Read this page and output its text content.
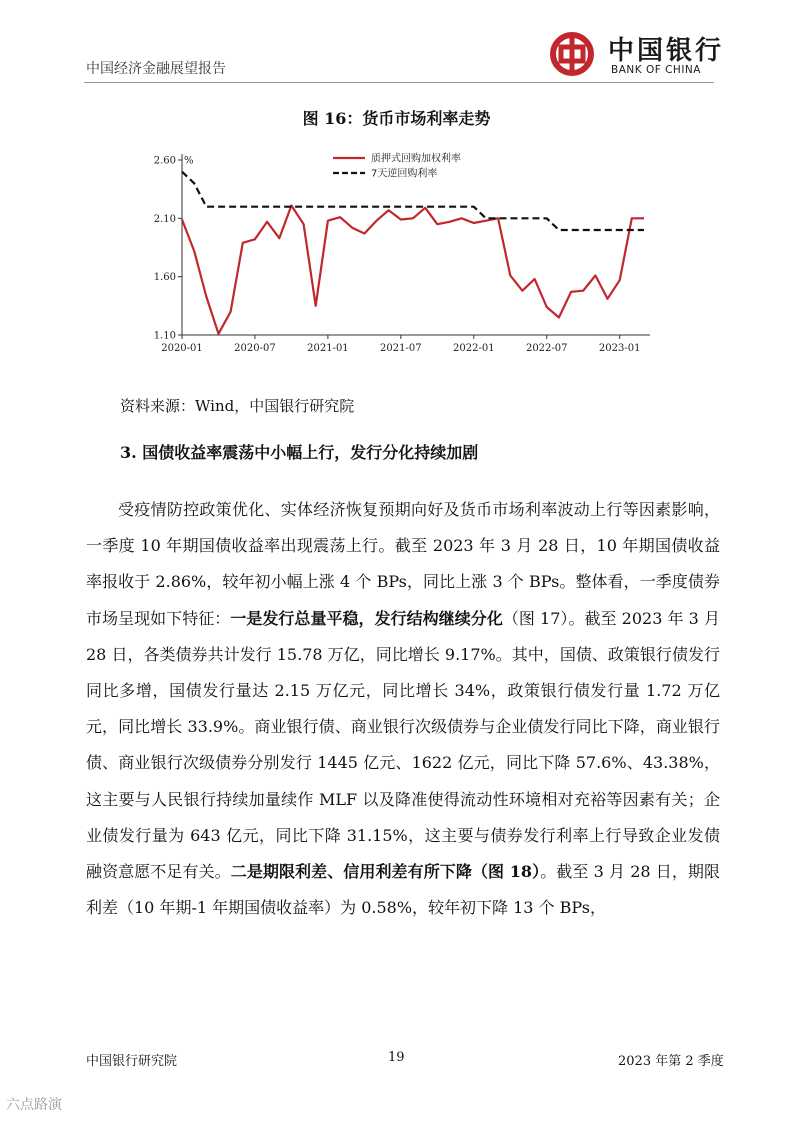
中国经济金融展望报告
中国银行
BANK OF CHINA
图 16：货币市场利率走势
1.10
1.60
2.10
2.60 %
2020-01	2020-07	2021-01	2021-07	2022-01	2022-07	2023-01
质押式回购加权利率
7天逆回购利率
资料来源：Wind，中国银行研究院
3. 国债收益率震荡中小幅上行，发行分化持续加剧

受疫情防控政策优化、实体经济恢复预期向好及货币市场利率波动上行等因素影响，一季度 10 年期国债收益率出现震荡上行。截至 2023 年 3 月 28 日，10 年期国债收益率报收于 2.86%，较年初小幅上涨 4 个 BPs，同比上涨 3 个 BPs。整体看，一季度债券市场呈现如下特征：一是发行总量平稳，发行结构继续分化（图 17）。截至 2023 年 3 月 28 日，各类债券共计发行 15.78 万亿，同比增长 9.17%。其中，国债、政策银行债发行同比多增，国债发行量达 2.15 万亿元，同比增长 34%，政策银行债发行量 1.72 万亿元，同比增长 33.9%。商业银行债、商业银行次级债券与企业债发行同比下降，商业银行债、商业银行次级债券分别发行 1445 亿元、1622 亿元，同比下降 57.6%、43.38%，这主要与人民银行持续加量续作 MLF 以及降准使得流动性环境相对充裕等因素有关；企业债发行量为 643 亿元，同比下降 31.15%，这主要与债券发行利率上行导致企业发债融资意愿不足有关。二是期限利差、信用利差有所下降（图 18）。截至 3 月 28 日，期限利差（10 年期-1 年期国债收益率）为 0.58%，较年初下降 13 个 BPs，

中国银行研究院	19	2023 年第 2 季度
六点路演
